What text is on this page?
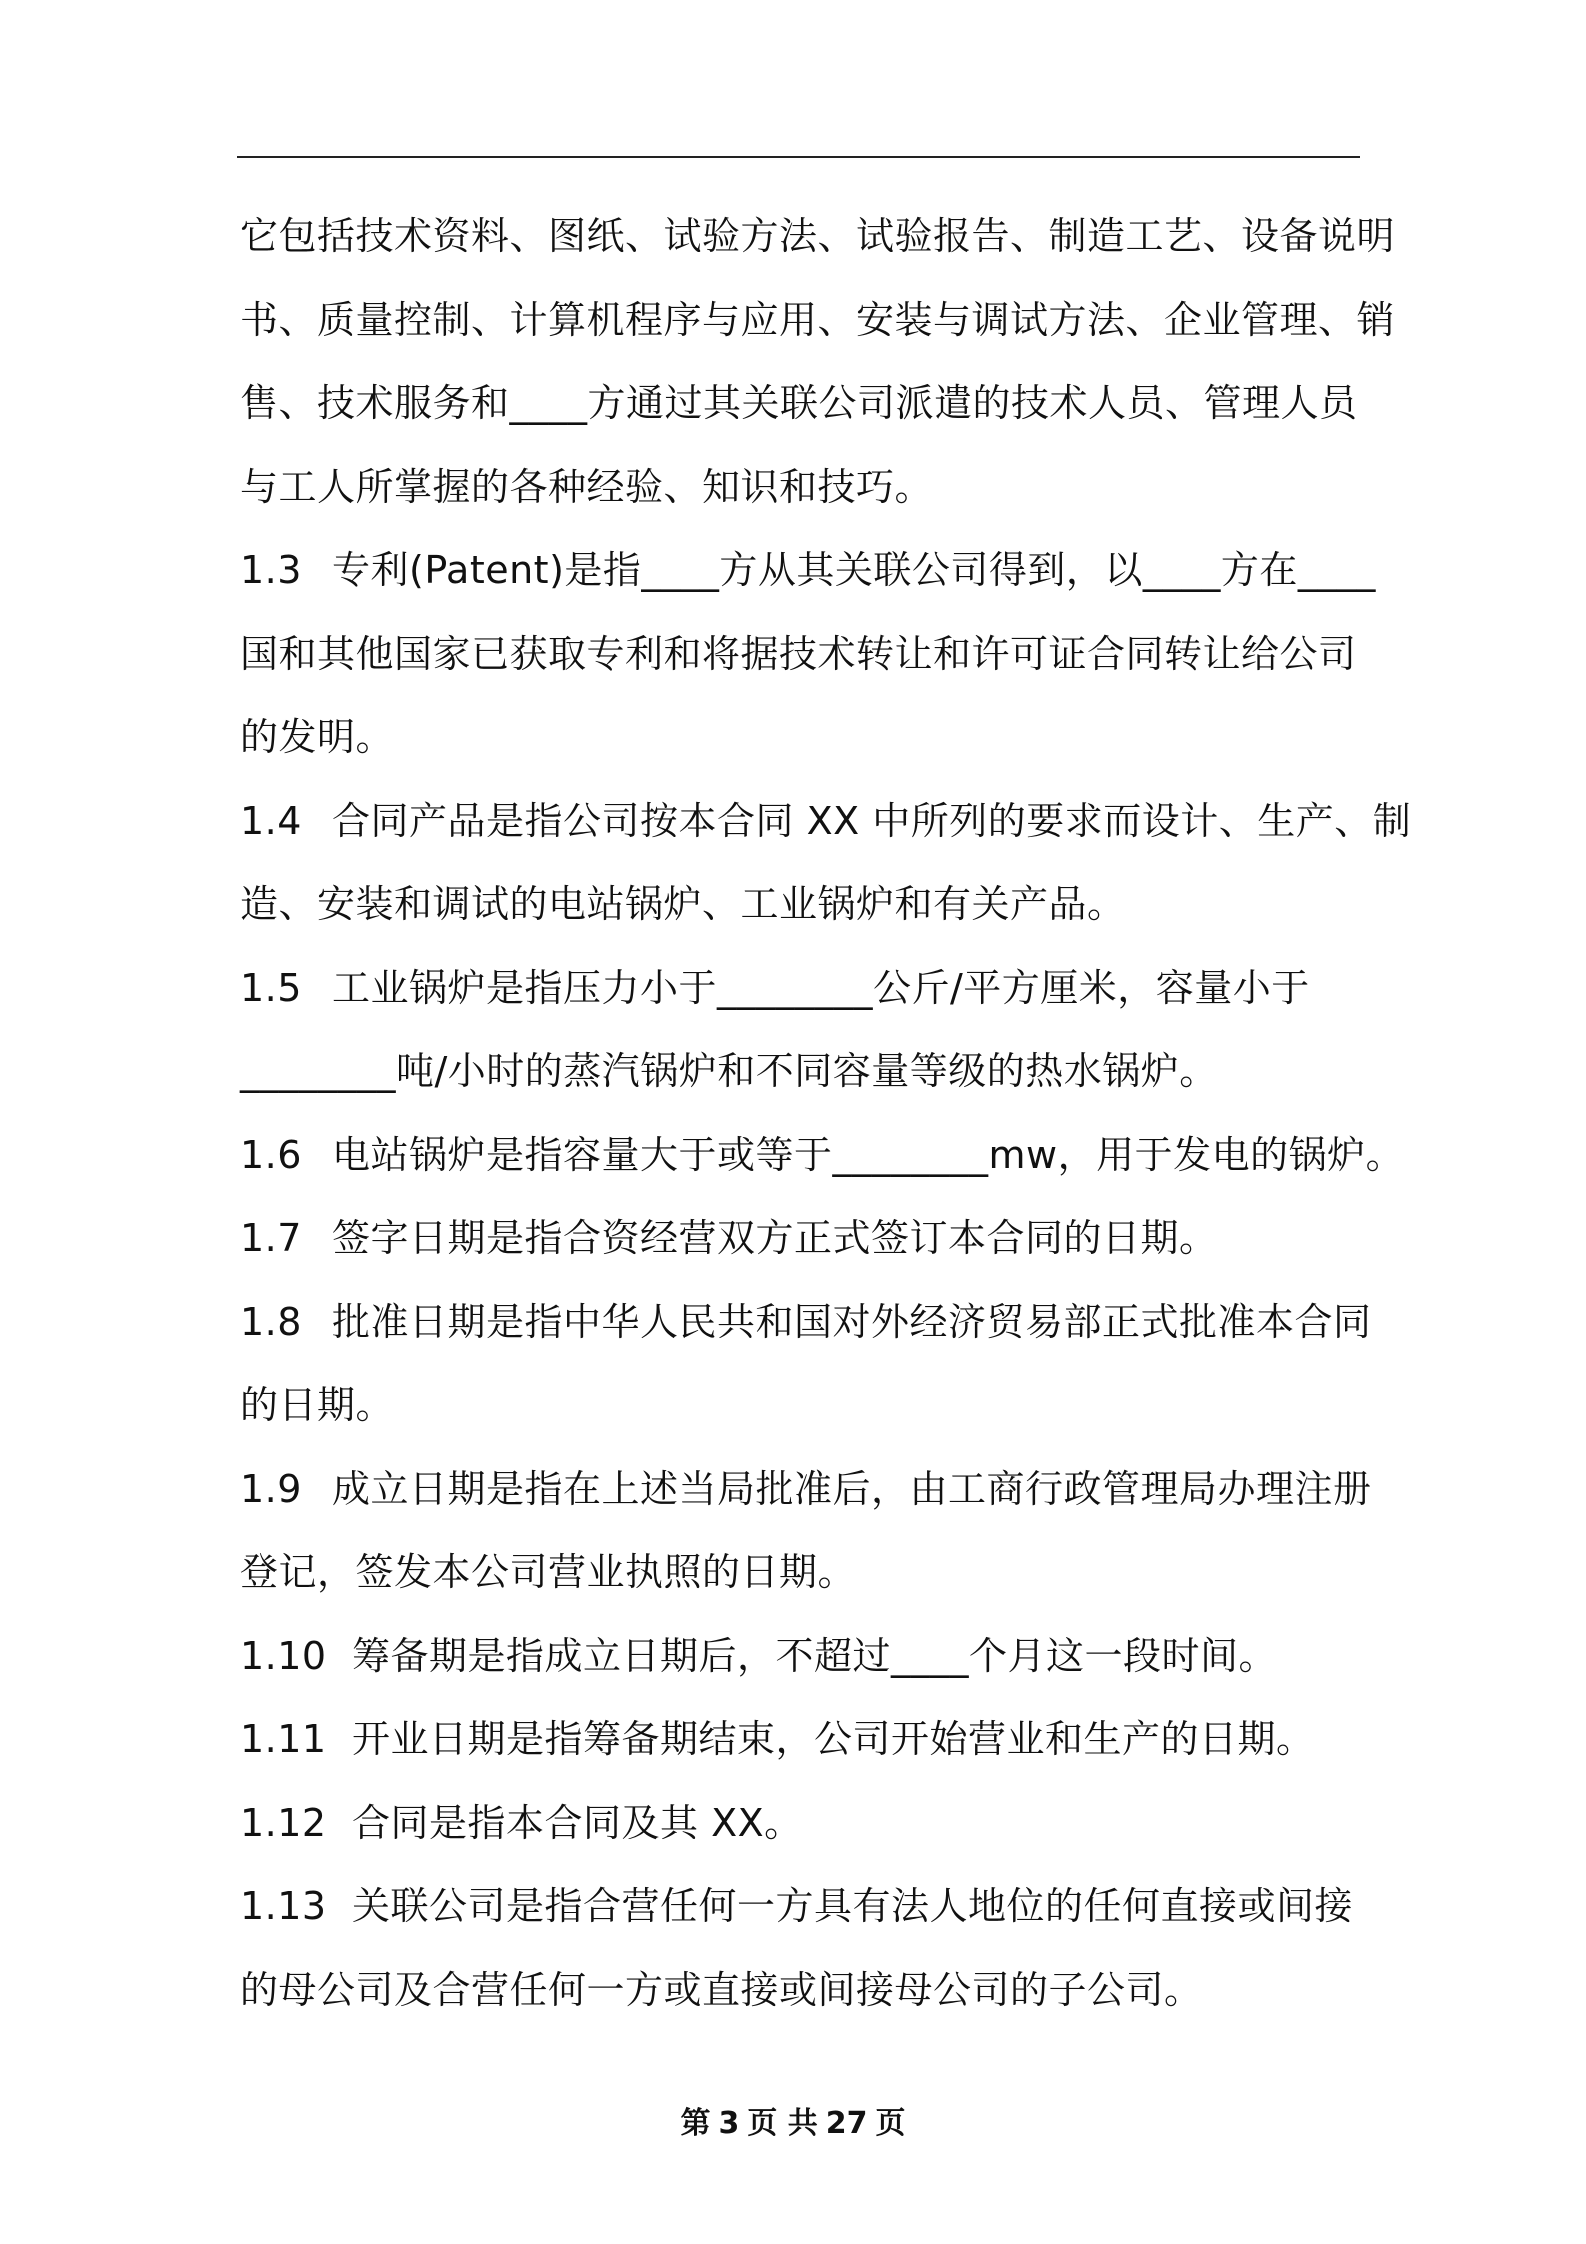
它包括技术资料、图纸、试验方法、试验报告、制造工艺、设备说明
书、质量控制、计算机程序与应用、安装与调试方法、企业管理、销
售、技术服务和____方通过其关联公司派遣的技术人员、管理人员
与工人所掌握的各种经验、知识和技巧。
1.3 专利(Patent)是指____方从其关联公司得到，以____方在____
国和其他国家已获取专利和将据技术转让和许可证合同转让给公司
的发明。
1.4 合同产品是指公司按本合同 XX 中所列的要求而设计、生产、制
造、安装和调试的电站锅炉、工业锅炉和有关产品。
1.5 工业锅炉是指压力小于________公斤/平方厘米，容量小于
________吨/小时的蒸汽锅炉和不同容量等级的热水锅炉。
1.6 电站锅炉是指容量大于或等于________mw，用于发电的锅炉。
1.7 签字日期是指合资经营双方正式签订本合同的日期。
1.8 批准日期是指中华人民共和国对外经济贸易部正式批准本合同
的日期。
1.9 成立日期是指在上述当局批准后，由工商行政管理局办理注册
登记，签发本公司营业执照的日期。
1.10 筹备期是指成立日期后，不超过____个月这一段时间。
1.11 开业日期是指筹备期结束，公司开始营业和生产的日期。
1.12 合同是指本合同及其 XX。
1.13 关联公司是指合营任何一方具有法人地位的任何直接或间接
的母公司及合营任何一方或直接或间接母公司的子公司。
第 3 页 共 27 页
